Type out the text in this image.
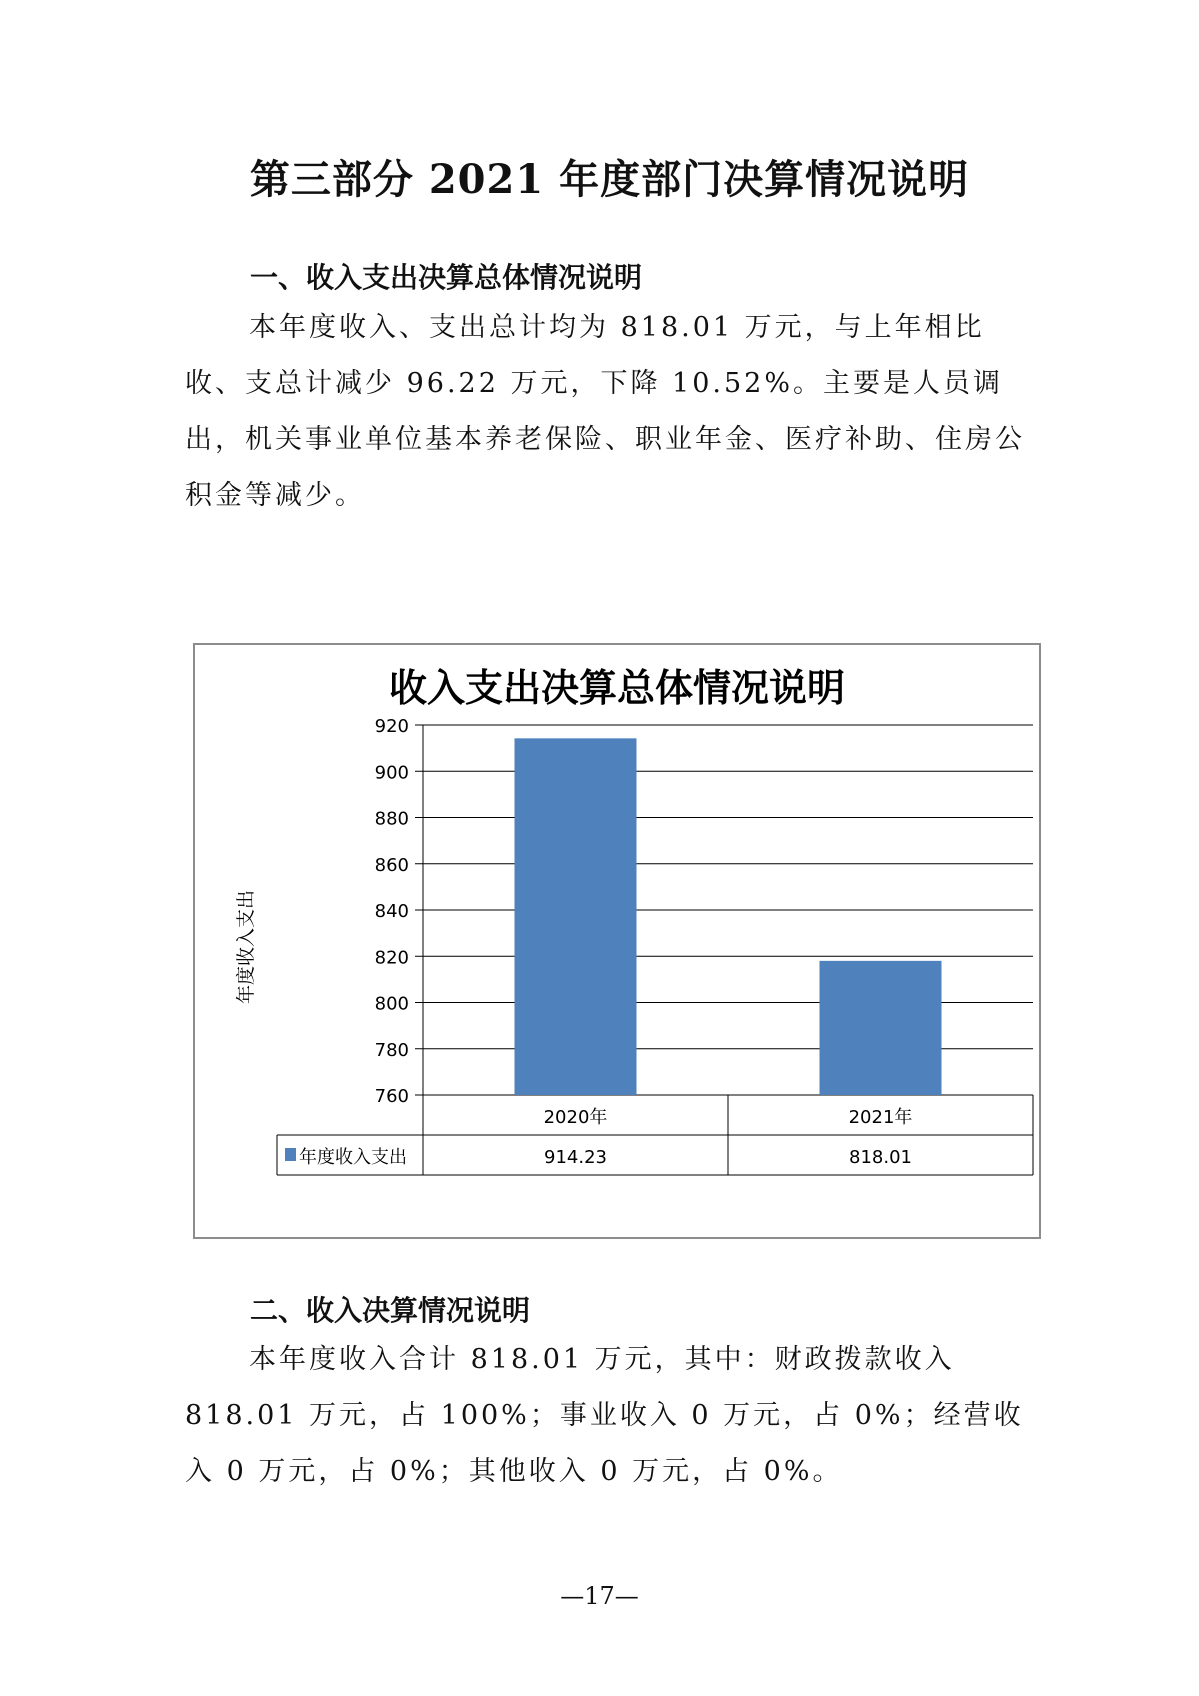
第三部分 2021 年度部门决算情况说明
一、收入支出决算总体情况说明

本年度收入、支出总计均为 818.01 万元，与上年相比收、支总计减少 96.22 万元，下降 10.52%。主要是人员调出，机关事业单位基本养老保险、职业年金、医疗补助、住房公积金等减少。

收入支出决算总体情况说明
年度收入支出
760
780
800
820
840
860
880
900
920
2020年
914.23
2021年
818.01
年度收入支出
二、收入决算情况说明

本年度收入合计 818.01 万元，其中：财政拨款收入 818.01 万元，占 100%；事业收入 0 万元，占 0%；经营收入 0 万元，占 0%；其他收入 0 万元，占 0%。

—17—
